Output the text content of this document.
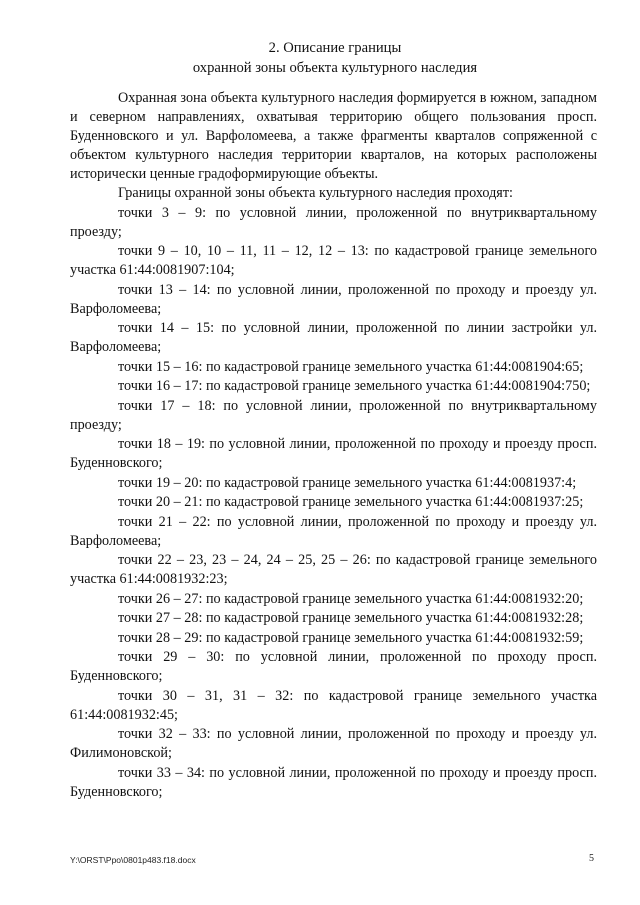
2. Описание границы
охранной зоны объекта культурного наследия

Охранная зона объекта культурного наследия формируется в южном, западном и северном направлениях, охватывая территорию общего пользования просп. Буденновского и ул. Варфоломеева, а также фрагменты кварталов сопряженной с объектом культурного наследия территории кварталов, на которых расположены исторически ценные градоформирующие объекты.

Границы охранной зоны объекта культурного наследия проходят:

точки 3 – 9: по условной линии, проложенной по внутриквартальному проезду;

точки 9 – 10, 10 – 11, 11 – 12, 12 – 13: по кадастровой границе земельного участка 61:44:0081907:104;

точки 13 – 14: по условной линии, проложенной по проходу и проезду ул. Варфоломеева;

точки 14 – 15: по условной линии, проложенной по линии застройки ул. Варфоломеева;

точки 15 – 16: по кадастровой границе земельного участка 61:44:0081904:65;

точки 16 – 17: по кадастровой границе земельного участка 61:44:0081904:750;

точки 17 – 18: по условной линии, проложенной по внутриквартальному проезду;

точки 18 – 19: по условной линии, проложенной по проходу и проезду просп. Буденновского;

точки 19 – 20: по кадастровой границе земельного участка 61:44:0081937:4;

точки 20 – 21: по кадастровой границе земельного участка 61:44:0081937:25;

точки 21 – 22: по условной линии, проложенной по проходу и проезду ул. Варфоломеева;

точки 22 – 23, 23 – 24, 24 – 25, 25 – 26: по кадастровой границе земельного участка 61:44:0081932:23;

точки 26 – 27: по кадастровой границе земельного участка 61:44:0081932:20;

точки 27 – 28: по кадастровой границе земельного участка 61:44:0081932:28;

точки 28 – 29: по кадастровой границе земельного участка 61:44:0081932:59;

точки 29 – 30: по условной линии, проложенной по проходу просп. Буденновского;

точки 30 – 31, 31 – 32: по кадастровой границе земельного участка 61:44:0081932:45;

точки 32 – 33: по условной линии, проложенной по проходу и проезду ул. Филимоновской;

точки 33 – 34: по условной линии, проложенной по проходу и проезду просп. Буденновского;

Y:\ORST\Ppo\0801p483.f18.docx	5
